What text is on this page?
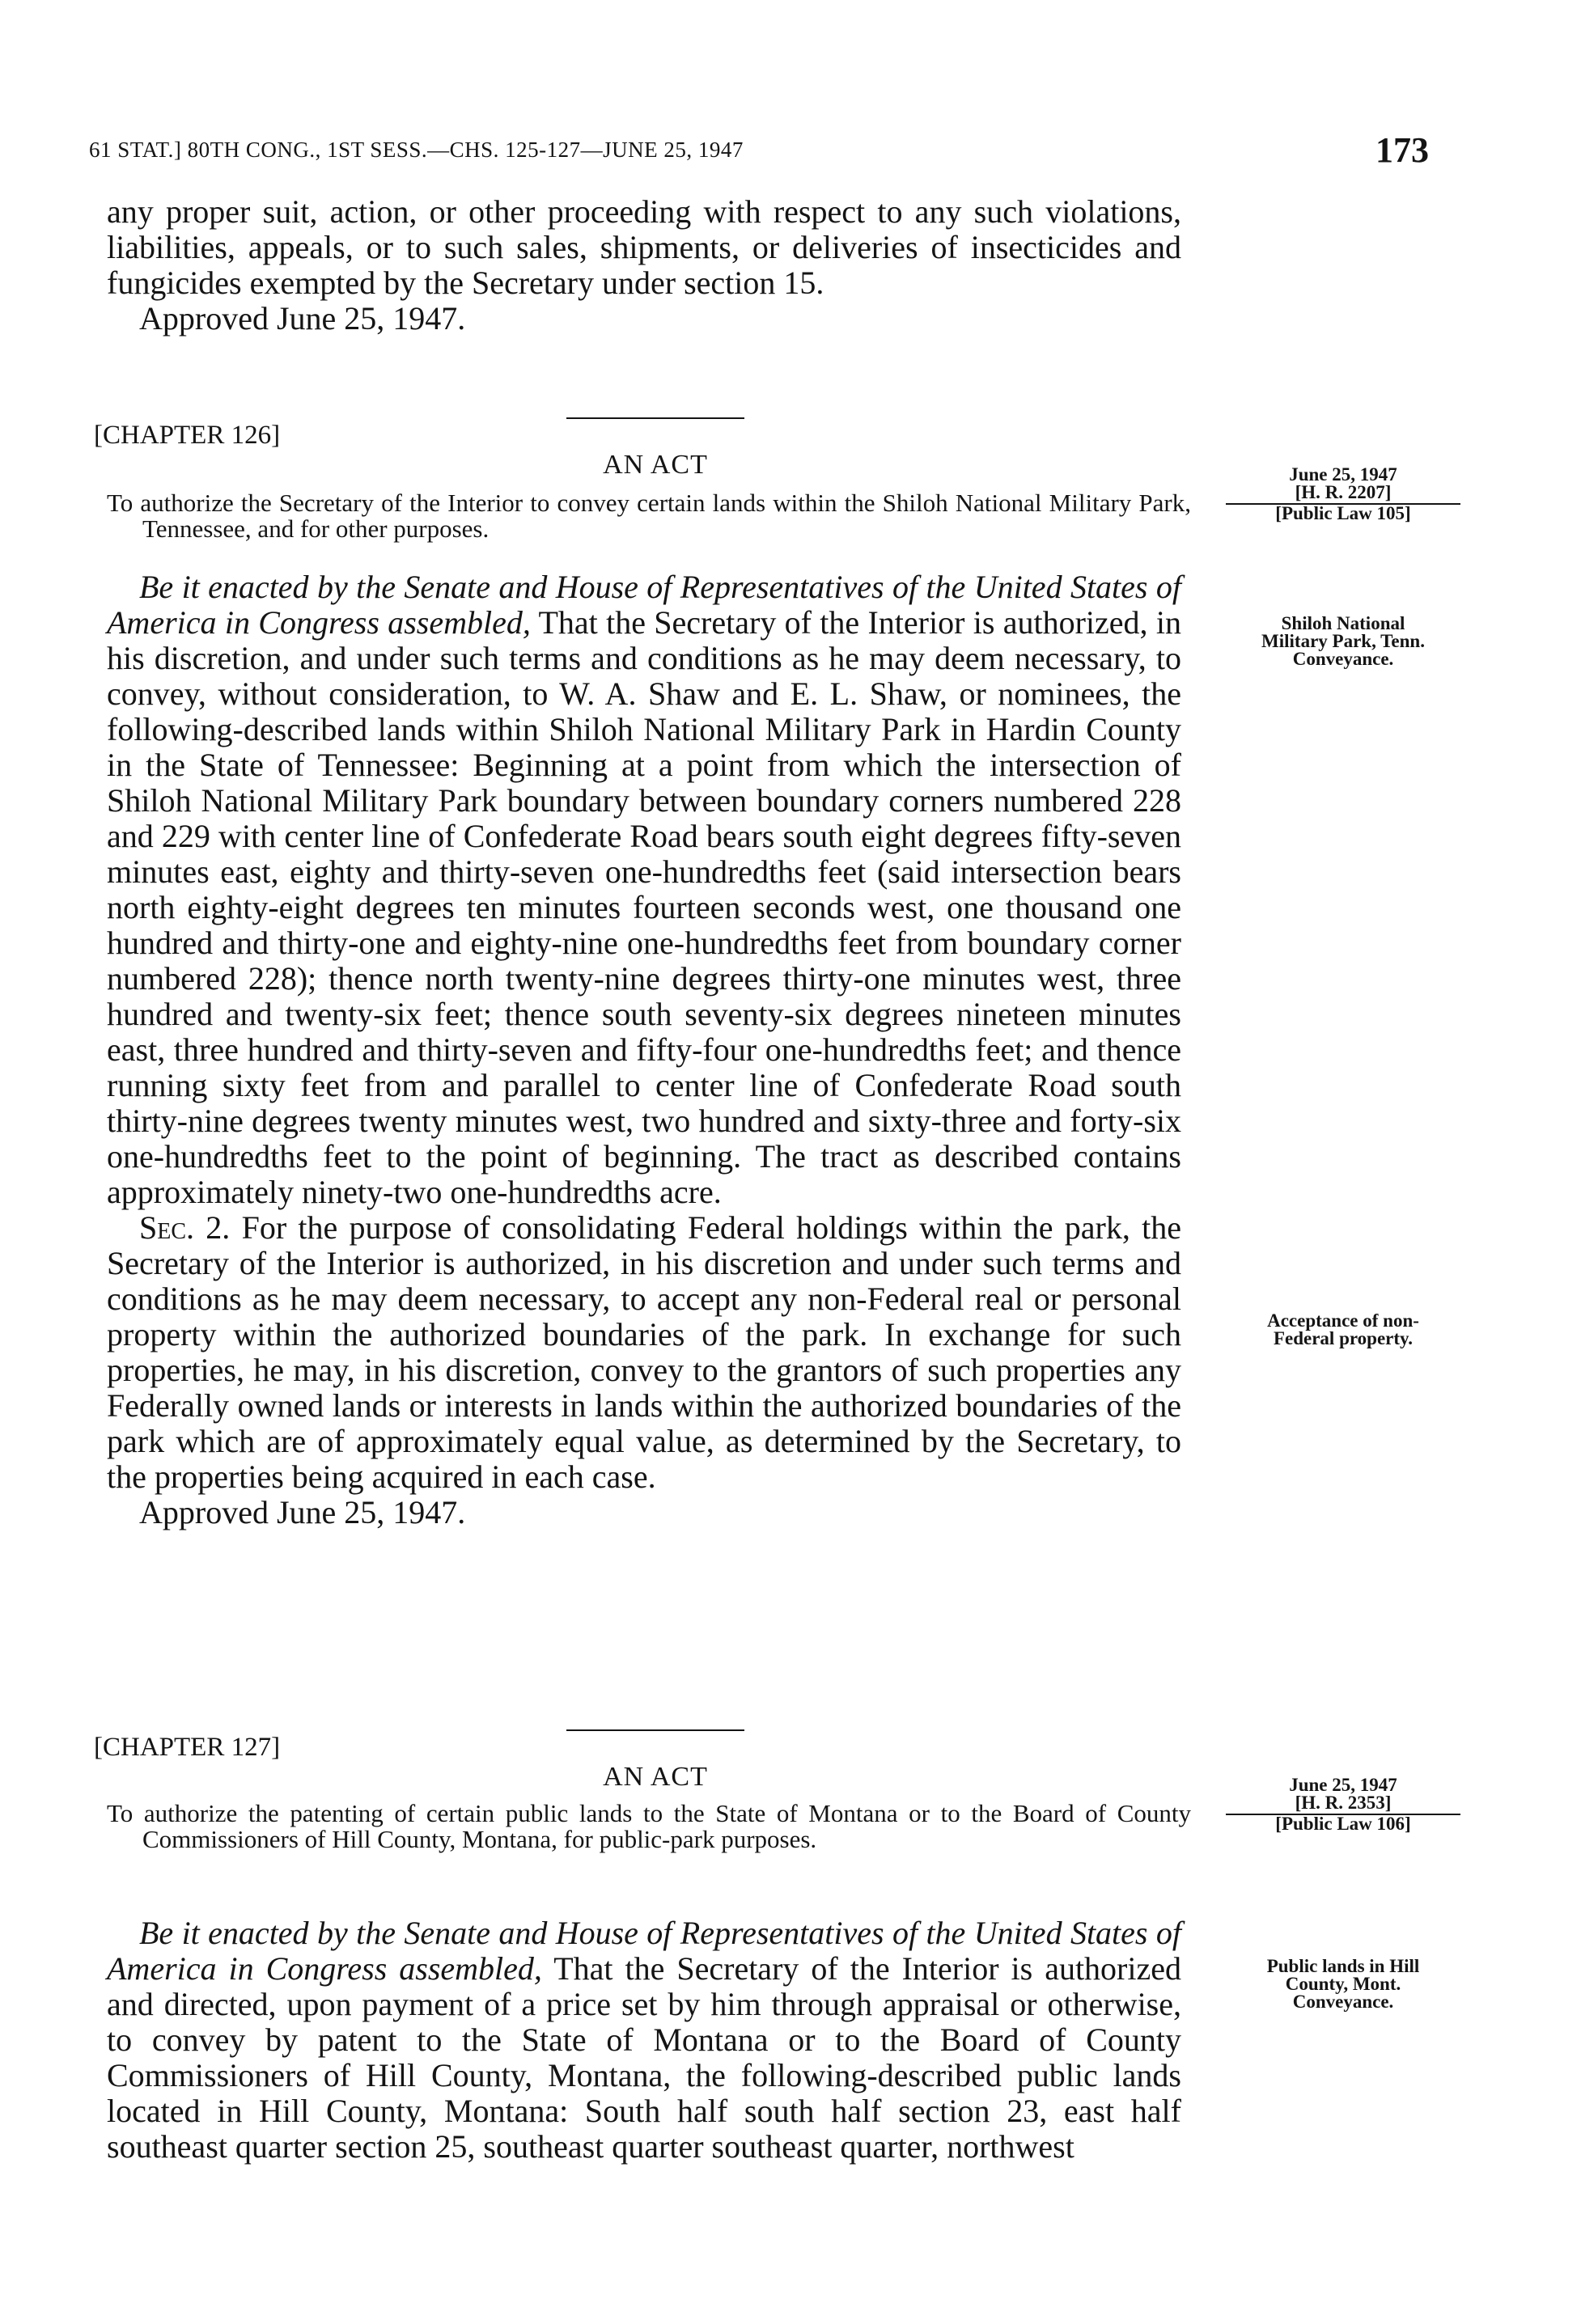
61 STAT.] 80TH CONG., 1ST SESS.—CHS. 125-127—JUNE 25, 1947	173

any proper suit, action, or other proceeding with respect to any such violations, liabilities, appeals, or to such sales, shipments, or deliveries of insecticides and fungicides exempted by the Secretary under section 15.

Approved June 25, 1947.

[CHAPTER 126]
AN ACT

To authorize the Secretary of the Interior to convey certain lands within the Shiloh National Military Park, Tennessee, and for other purposes.

June 25, 1947
[H. R. 2207]
[Public Law 105]

Be it enacted by the Senate and House of Representatives of the United States of America in Congress assembled, That the Secretary of the Interior is authorized, in his discretion, and under such terms and conditions as he may deem necessary, to convey, without consideration, to W. A. Shaw and E. L. Shaw, or nominees, the following-described lands within Shiloh National Military Park in Hardin County in the State of Tennessee: Beginning at a point from which the intersection of Shiloh National Military Park boundary between boundary corners numbered 228 and 229 with center line of Confederate Road bears south eight degrees fifty-seven minutes east, eighty and thirty-seven one-hundredths feet (said intersection bears north eighty-eight degrees ten minutes fourteen seconds west, one thousand one hundred and thirty-one and eighty-nine one-hundredths feet from boundary corner numbered 228); thence north twenty-nine degrees thirty-one minutes west, three hundred and twenty-six feet; thence south seventy-six degrees nineteen minutes east, three hundred and thirty-seven and fifty-four one-hundredths feet; and thence running sixty feet from and parallel to center line of Confederate Road south thirty-nine degrees twenty minutes west, two hundred and sixty-three and forty-six one-hundredths feet to the point of beginning. The tract as described contains approximately ninety-two one-hundredths acre.

Sec. 2. For the purpose of consolidating Federal holdings within the park, the Secretary of the Interior is authorized, in his discretion and under such terms and conditions as he may deem necessary, to accept any non-Federal real or personal property within the authorized boundaries of the park. In exchange for such properties, he may, in his discretion, convey to the grantors of such properties any Federally owned lands or interests in lands within the authorized boundaries of the park which are of approximately equal value, as determined by the Secretary, to the properties being acquired in each case.

Approved June 25, 1947.

Shiloh National
Military Park, Tenn.
Conveyance.
Acceptance of non-
Federal property.
[CHAPTER 127]
AN ACT

To authorize the patenting of certain public lands to the State of Montana or to the Board of County Commissioners of Hill County, Montana, for public-park purposes.

June 25, 1947
[H. R. 2353]
[Public Law 106]

Be it enacted by the Senate and House of Representatives of the United States of America in Congress assembled, That the Secretary of the Interior is authorized and directed, upon payment of a price set by him through appraisal or otherwise, to convey by patent to the State of Montana or to the Board of County Commissioners of Hill County, Montana, the following-described public lands located in Hill County, Montana: South half south half section 23, east half southeast quarter section 25, southeast quarter southeast quarter, northwest

Public lands in Hill
County, Mont.
Conveyance.
